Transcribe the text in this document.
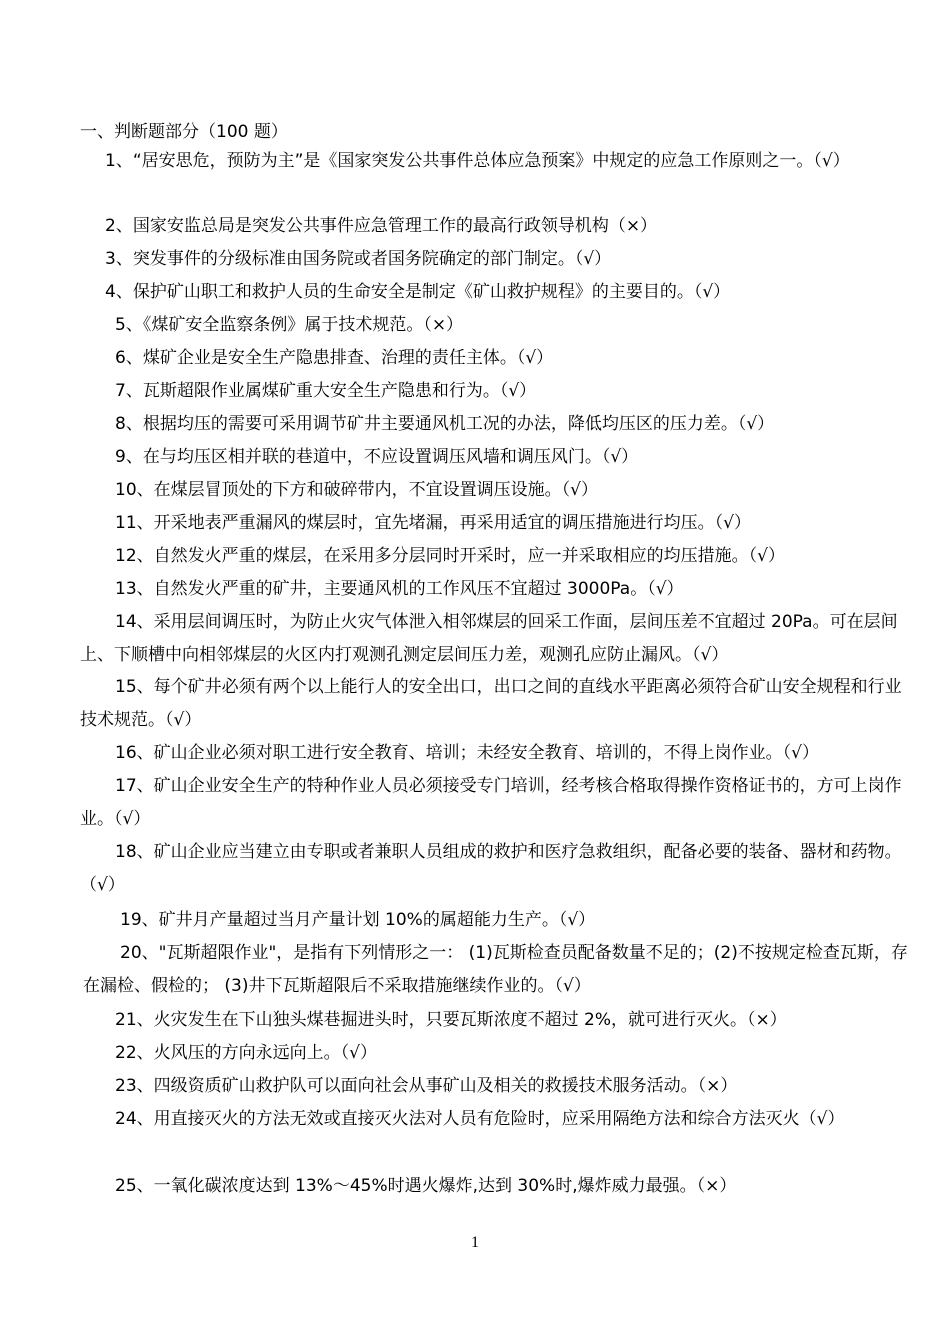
一、判断题部分（100 题）
1、“居安思危，预防为主”是《国家突发公共事件总体应急预案》中规定的应急工作原则之一。（√）
2、国家安监总局是突发公共事件应急管理工作的最高行政领导机构（×）
3、突发事件的分级标准由国务院或者国务院确定的部门制定。（√）
4、保护矿山职工和救护人员的生命安全是制定《矿山救护规程》的主要目的。（√）
5、《煤矿安全监察条例》属于技术规范。（×）
6、煤矿企业是安全生产隐患排查、治理的责任主体。（√）
7、瓦斯超限作业属煤矿重大安全生产隐患和行为。（√）
8、根据均压的需要可采用调节矿井主要通风机工况的办法，降低均压区的压力差。（√）
9、在与均压区相并联的巷道中，不应设置调压风墙和调压风门。（√）
10、在煤层冒顶处的下方和破碎带内，不宜设置调压设施。（√）
11、开采地表严重漏风的煤层时，宜先堵漏，再采用适宜的调压措施进行均压。（√）
12、自然发火严重的煤层，在采用多分层同时开采时，应一并采取相应的均压措施。（√）
13、自然发火严重的矿井，主要通风机的工作风压不宜超过 3000Pa。（√）
14、采用层间调压时，为防止火灾气体泄入相邻煤层的回采工作面，层间压差不宜超过 20Pa。可在层间上、下顺槽中向相邻煤层的火区内打观测孔测定层间压力差，观测孔应防止漏风。（√）
15、每个矿井必须有两个以上能行人的安全出口，出口之间的直线水平距离必须符合矿山安全规程和行业技术规范。（√）
16、矿山企业必须对职工进行安全教育、培训；未经安全教育、培训的，不得上岗作业。（√）
17、矿山企业安全生产的特种作业人员必须接受专门培训，经考核合格取得操作资格证书的，方可上岗作业。（√）
18、矿山企业应当建立由专职或者兼职人员组成的救护和医疗急救组织，配备必要的装备、器材和药物。（√）
19、矿井月产量超过当月产量计划 10%的属超能力生产。（√）
20、"瓦斯超限作业"，是指有下列情形之一： (1)瓦斯检查员配备数量不足的；(2)不按规定检查瓦斯，存在漏检、假检的； (3)井下瓦斯超限后不采取措施继续作业的。（√）
21、火灾发生在下山独头煤巷掘进头时，只要瓦斯浓度不超过 2%，就可进行灭火。（×）
22、火风压的方向永远向上。（√）
23、四级资质矿山救护队可以面向社会从事矿山及相关的救援技术服务活动。（×）
24、用直接灭火的方法无效或直接灭火法对人员有危险时，应采用隔绝方法和综合方法灭火（√）
25、一氧化碳浓度达到 13%～45%时遇火爆炸,达到 30%时,爆炸威力最强。（×）
1
